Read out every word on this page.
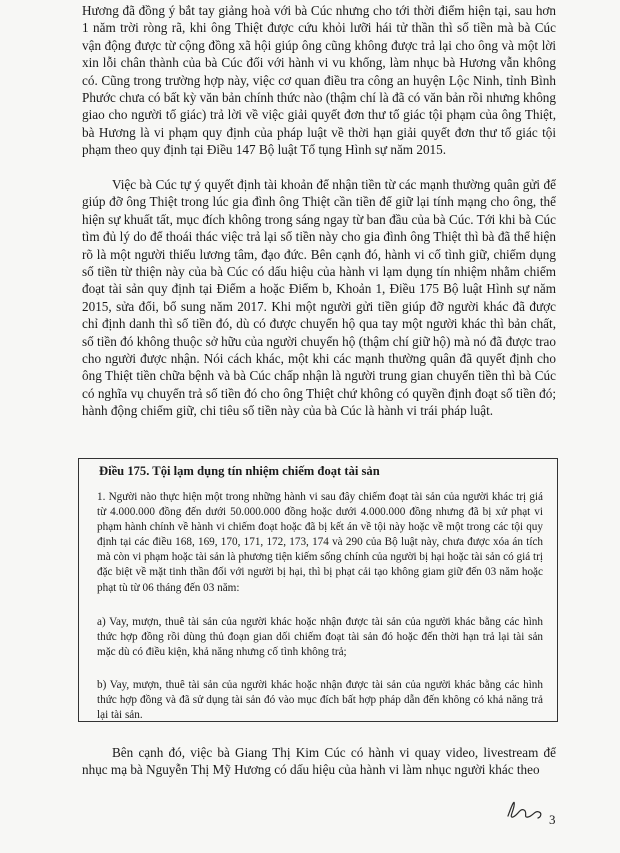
Hương đã đồng ý bắt tay giảng hoà với bà Cúc nhưng cho tới thời điểm hiện tại, sau hơn 1 năm trời ròng rã, khi ông Thiệt được cứu khỏi lưỡi hái tử thần thì số tiền mà bà Cúc vận động được từ cộng đồng xã hội giúp ông cũng không được trả lại cho ông và một lời xin lỗi chân thành của bà Cúc đối với hành vi vu khống, làm nhục bà Hương vẫn không có. Cũng trong trường hợp này, việc cơ quan điều tra công an huyện Lộc Ninh, tỉnh Bình Phước chưa có bất kỳ văn bản chính thức nào (thậm chí là đã có văn bản rồi nhưng không giao cho người tố giác) trả lời về việc giải quyết đơn thư tố giác tội phạm của ông Thiệt, bà Hương là vi phạm quy định của pháp luật về thời hạn giải quyết đơn thư tố giác tội phạm theo quy định tại Điều 147 Bộ luật Tố tụng Hình sự năm 2015.

Việc bà Cúc tự ý quyết định tài khoản để nhận tiền từ các mạnh thường quân gửi để giúp đỡ ông Thiệt trong lúc gia đình ông Thiệt cần tiền để giữ lại tính mạng cho ông, thể hiện sự khuất tất, mục đích không trong sáng ngay từ ban đầu của bà Cúc. Tới khi bà Cúc tìm đủ lý do để thoái thác việc trả lại số tiền này cho gia đình ông Thiệt thì bà đã thể hiện rõ là một người thiếu lương tâm, đạo đức. Bên cạnh đó, hành vi cố tình giữ, chiếm dụng số tiền từ thiện này của bà Cúc có dấu hiệu của hành vi lạm dụng tín nhiệm nhằm chiếm đoạt tài sản quy định tại Điểm a hoặc Điểm b, Khoản 1, Điều 175 Bộ luật Hình sự năm 2015, sửa đổi, bổ sung năm 2017. Khi một người gửi tiền giúp đỡ người khác đã được chỉ định danh thì số tiền đó, dù có được chuyển hộ qua tay một người khác thì bản chất, số tiền đó không thuộc sở hữu của người chuyển hộ (thậm chí giữ hộ) mà nó đã được trao cho người được nhận. Nói cách khác, một khi các mạnh thường quân đã quyết định cho ông Thiệt tiền chữa bệnh và bà Cúc chấp nhận là người trung gian chuyển tiền thì bà Cúc có nghĩa vụ chuyển trả số tiền đó cho ông Thiệt chứ không có quyền định đoạt số tiền đó; hành động chiếm giữ, chi tiêu số tiền này của bà Cúc là hành vi trái pháp luật.

Điều 175. Tội lạm dụng tín nhiệm chiếm đoạt tài sản

1. Người nào thực hiện một trong những hành vi sau đây chiếm đoạt tài sản của người khác trị giá từ 4.000.000 đồng đến dưới 50.000.000 đồng hoặc dưới 4.000.000 đồng nhưng đã bị xử phạt vi phạm hành chính về hành vi chiếm đoạt hoặc đã bị kết án về tội này hoặc về một trong các tội quy định tại các điều 168, 169, 170, 171, 172, 173, 174 và 290 của Bộ luật này, chưa được xóa án tích mà còn vi phạm hoặc tài sản là phương tiện kiếm sống chính của người bị hại hoặc tài sản có giá trị đặc biệt về mặt tinh thần đối với người bị hại, thì bị phạt cải tạo không giam giữ đến 03 năm hoặc phạt tù từ 06 tháng đến 03 năm:

a) Vay, mượn, thuê tài sản của người khác hoặc nhận được tài sản của người khác bằng các hình thức hợp đồng rồi dùng thủ đoạn gian dối chiếm đoạt tài sản đó hoặc đến thời hạn trả lại tài sản mặc dù có điều kiện, khả năng nhưng cố tình không trả;

b) Vay, mượn, thuê tài sản của người khác hoặc nhận được tài sản của người khác bằng các hình thức hợp đồng và đã sử dụng tài sản đó vào mục đích bất hợp pháp dẫn đến không có khả năng trả lại tài sản.

Bên cạnh đó, việc bà Giang Thị Kim Cúc có hành vi quay video, livestream để nhục mạ bà Nguyễn Thị Mỹ Hương có dấu hiệu của hành vi làm nhục người khác theo

3
